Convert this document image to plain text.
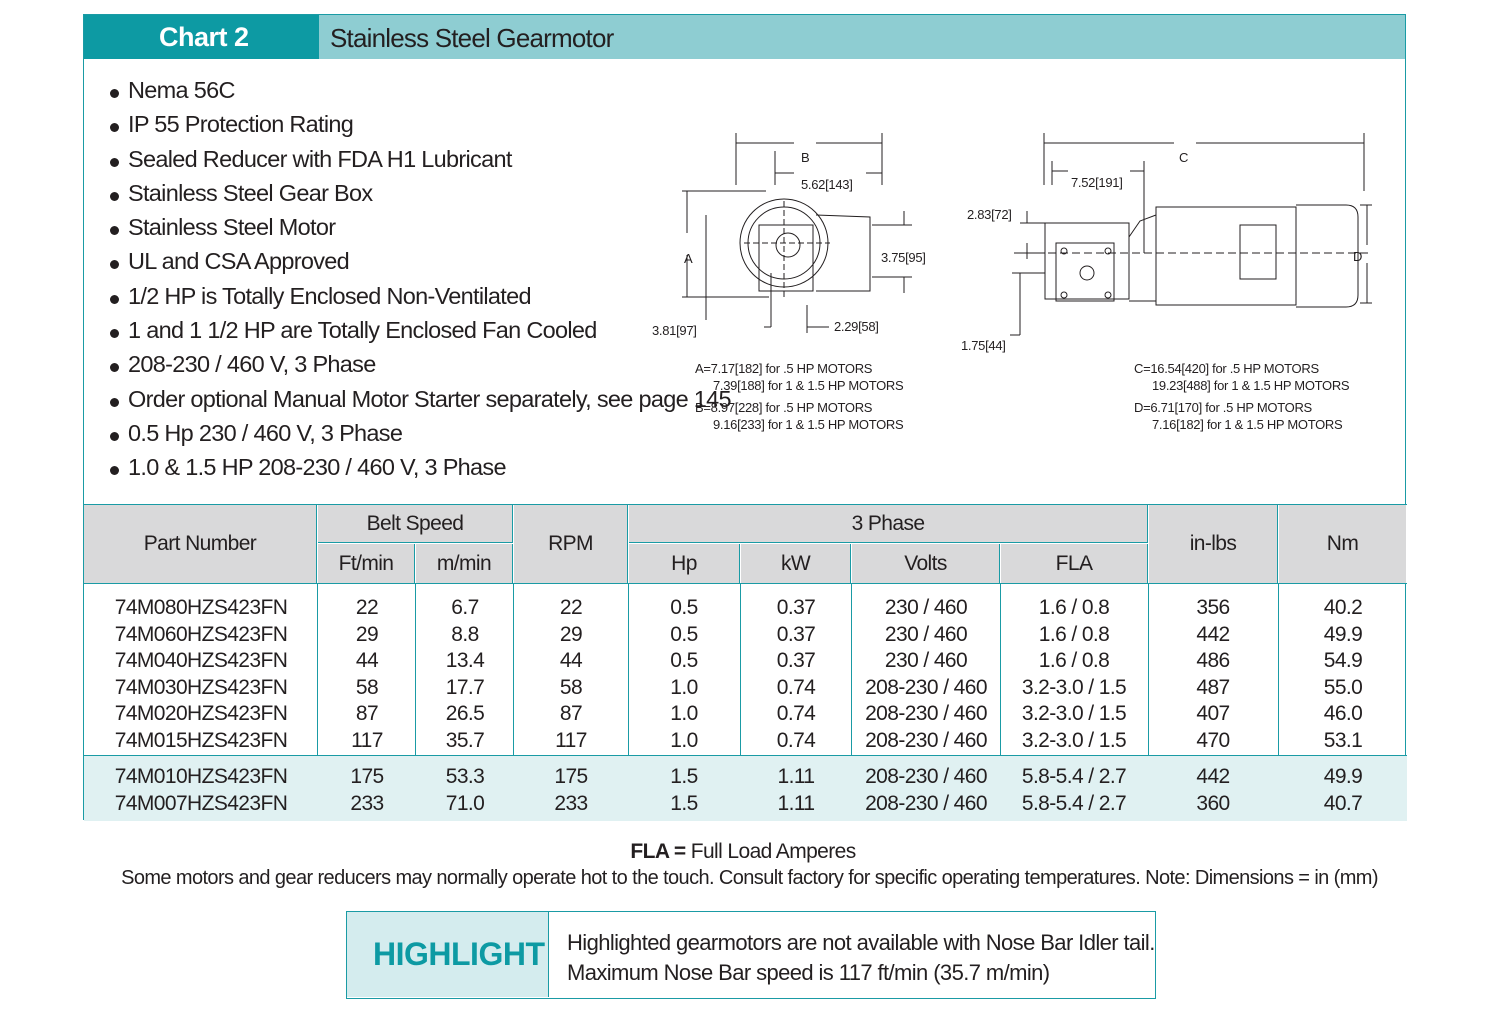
Chart 2	Stainless Steel Gearmotor
Nema 56C
IP 55 Protection Rating
Sealed Reducer with FDA H1 Lubricant
Stainless Steel Gear Box
Stainless Steel Motor
UL and CSA Approved
1/2 HP is Totally Enclosed Non-Ventilated
1 and 1 1/2 HP are Totally Enclosed Fan Cooled
208-230 / 460 V, 3 Phase
Order optional Manual Motor Starter separately, see page 145
0.5 Hp 230 / 460 V, 3 Phase
1.0 & 1.5 HP 208-230 / 460 V, 3 Phase
B
5.62[143]
A	3.75[95]
3.81[97]	2.29[58]
A=7.17[182] for .5 HP MOTORS
7.39[188] for 1 & 1.5 HP MOTORS
B=8.97[228] for .5 HP MOTORS
9.16[233] for 1 & 1.5 HP MOTORS
C
7.52[191]
2.83[72]
D
1.75[44]
C=16.54[420] for .5 HP MOTORS
19.23[488] for 1 & 1.5 HP MOTORS
D=6.71[170] for .5 HP MOTORS
7.16[182] for 1 & 1.5 HP MOTORS
Part Number
Belt Speed
Ft/min	m/min
RPM
3 Phase
Hp	kW	Volts	FLA
in-lbs	Nm
74M080HZS423FN	22	6.7	22	0.5	0.37	230 / 460	1.6 / 0.8	356	40.2
74M060HZS423FN	29	8.8	29	0.5	0.37	230 / 460	1.6 / 0.8	442	49.9
74M040HZS423FN	44	13.4	44	0.5	0.37	230 / 460	1.6 / 0.8	486	54.9
74M030HZS423FN	58	17.7	58	1.0	0.74	208-230 / 460	3.2-3.0 / 1.5	487	55.0
74M020HZS423FN	87	26.5	87	1.0	0.74	208-230 / 460	3.2-3.0 / 1.5	407	46.0
74M015HZS423FN	117	35.7	117	1.0	0.74	208-230 / 460	3.2-3.0 / 1.5	470	53.1
74M010HZS423FN	175	53.3	175	1.5	1.11	208-230 / 460	5.8-5.4 / 2.7	442	49.9
74M007HZS423FN	233	71.0	233	1.5	1.11	208-230 / 460	5.8-5.4 / 2.7	360	40.7
FLA = Full Load Amperes
Some motors and gear reducers may normally operate hot to the touch. Consult factory for specific operating temperatures. Note: Dimensions = in (mm)
HIGHLIGHT Highlighted gearmotors are not available with Nose Bar Idler tail.
Maximum Nose Bar speed is 117 ft/min (35.7 m/min)
